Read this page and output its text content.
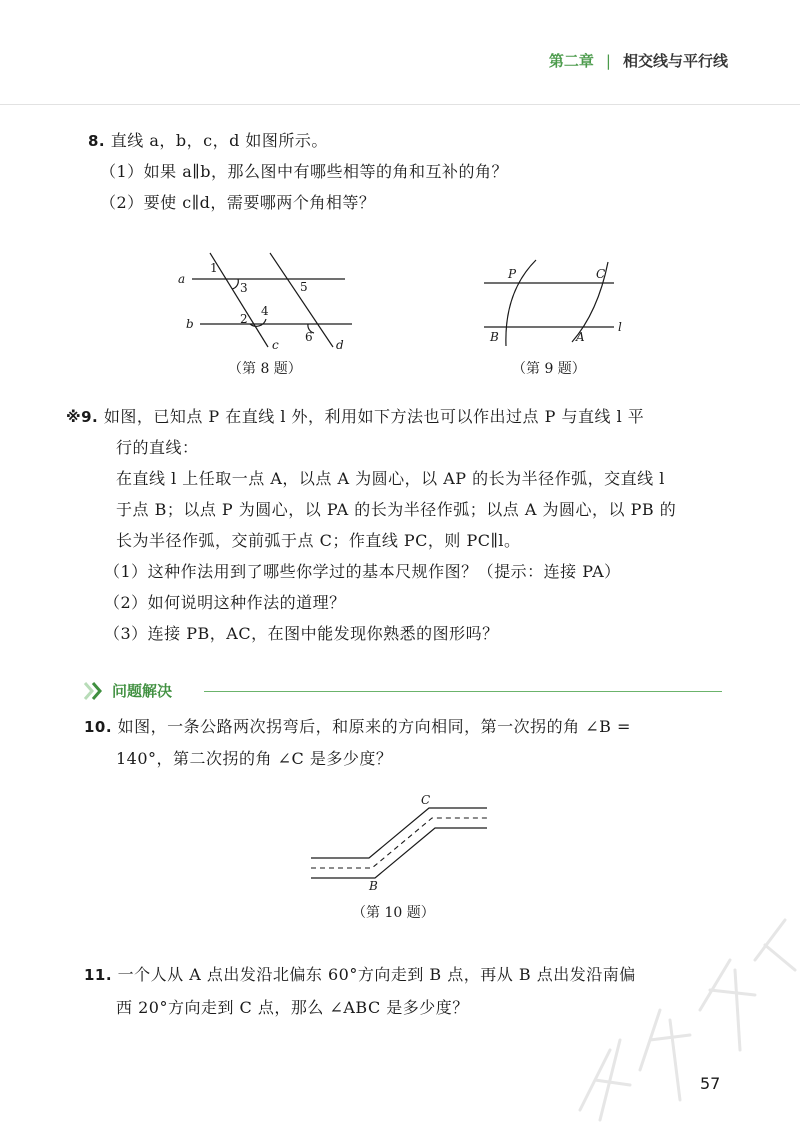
第二章 | 相交线与平行线
8. 直线 a，b，c，d 如图所示。
（1）如果 a∥b，那么图中有哪些相等的角和互补的角？
（2）要使 c∥d，需要哪两个角相等？
a
b
c	d
1
2
3
4
5
6
（第 8 题）
P	C
B	A
l
（第 9 题）
※9. 如图，已知点 P 在直线 l 外，利用如下方法也可以作出过点 P 与直线 l 平
行的直线：
在直线 l 上任取一点 A，以点 A 为圆心，以 AP 的长为半径作弧，交直线 l
于点 B；以点 P 为圆心，以 PA 的长为半径作弧；以点 A 为圆心，以 PB 的
长为半径作弧，交前弧于点 C；作直线 PC，则 PC∥l。
（1）这种作法用到了哪些你学过的基本尺规作图？（提示：连接 PA）
（2）如何说明这种作法的道理？
（3）连接 PB，AC，在图中能发现你熟悉的图形吗？
问题解决
10. 如图，一条公路两次拐弯后，和原来的方向相同，第一次拐的角 ∠B =
140°，第二次拐的角 ∠C 是多少度？
C
B
（第 10 题）
11. 一个人从 A 点出发沿北偏东 60°方向走到 B 点，再从 B 点出发沿南偏
西 20°方向走到 C 点，那么 ∠ABC 是多少度？
57
